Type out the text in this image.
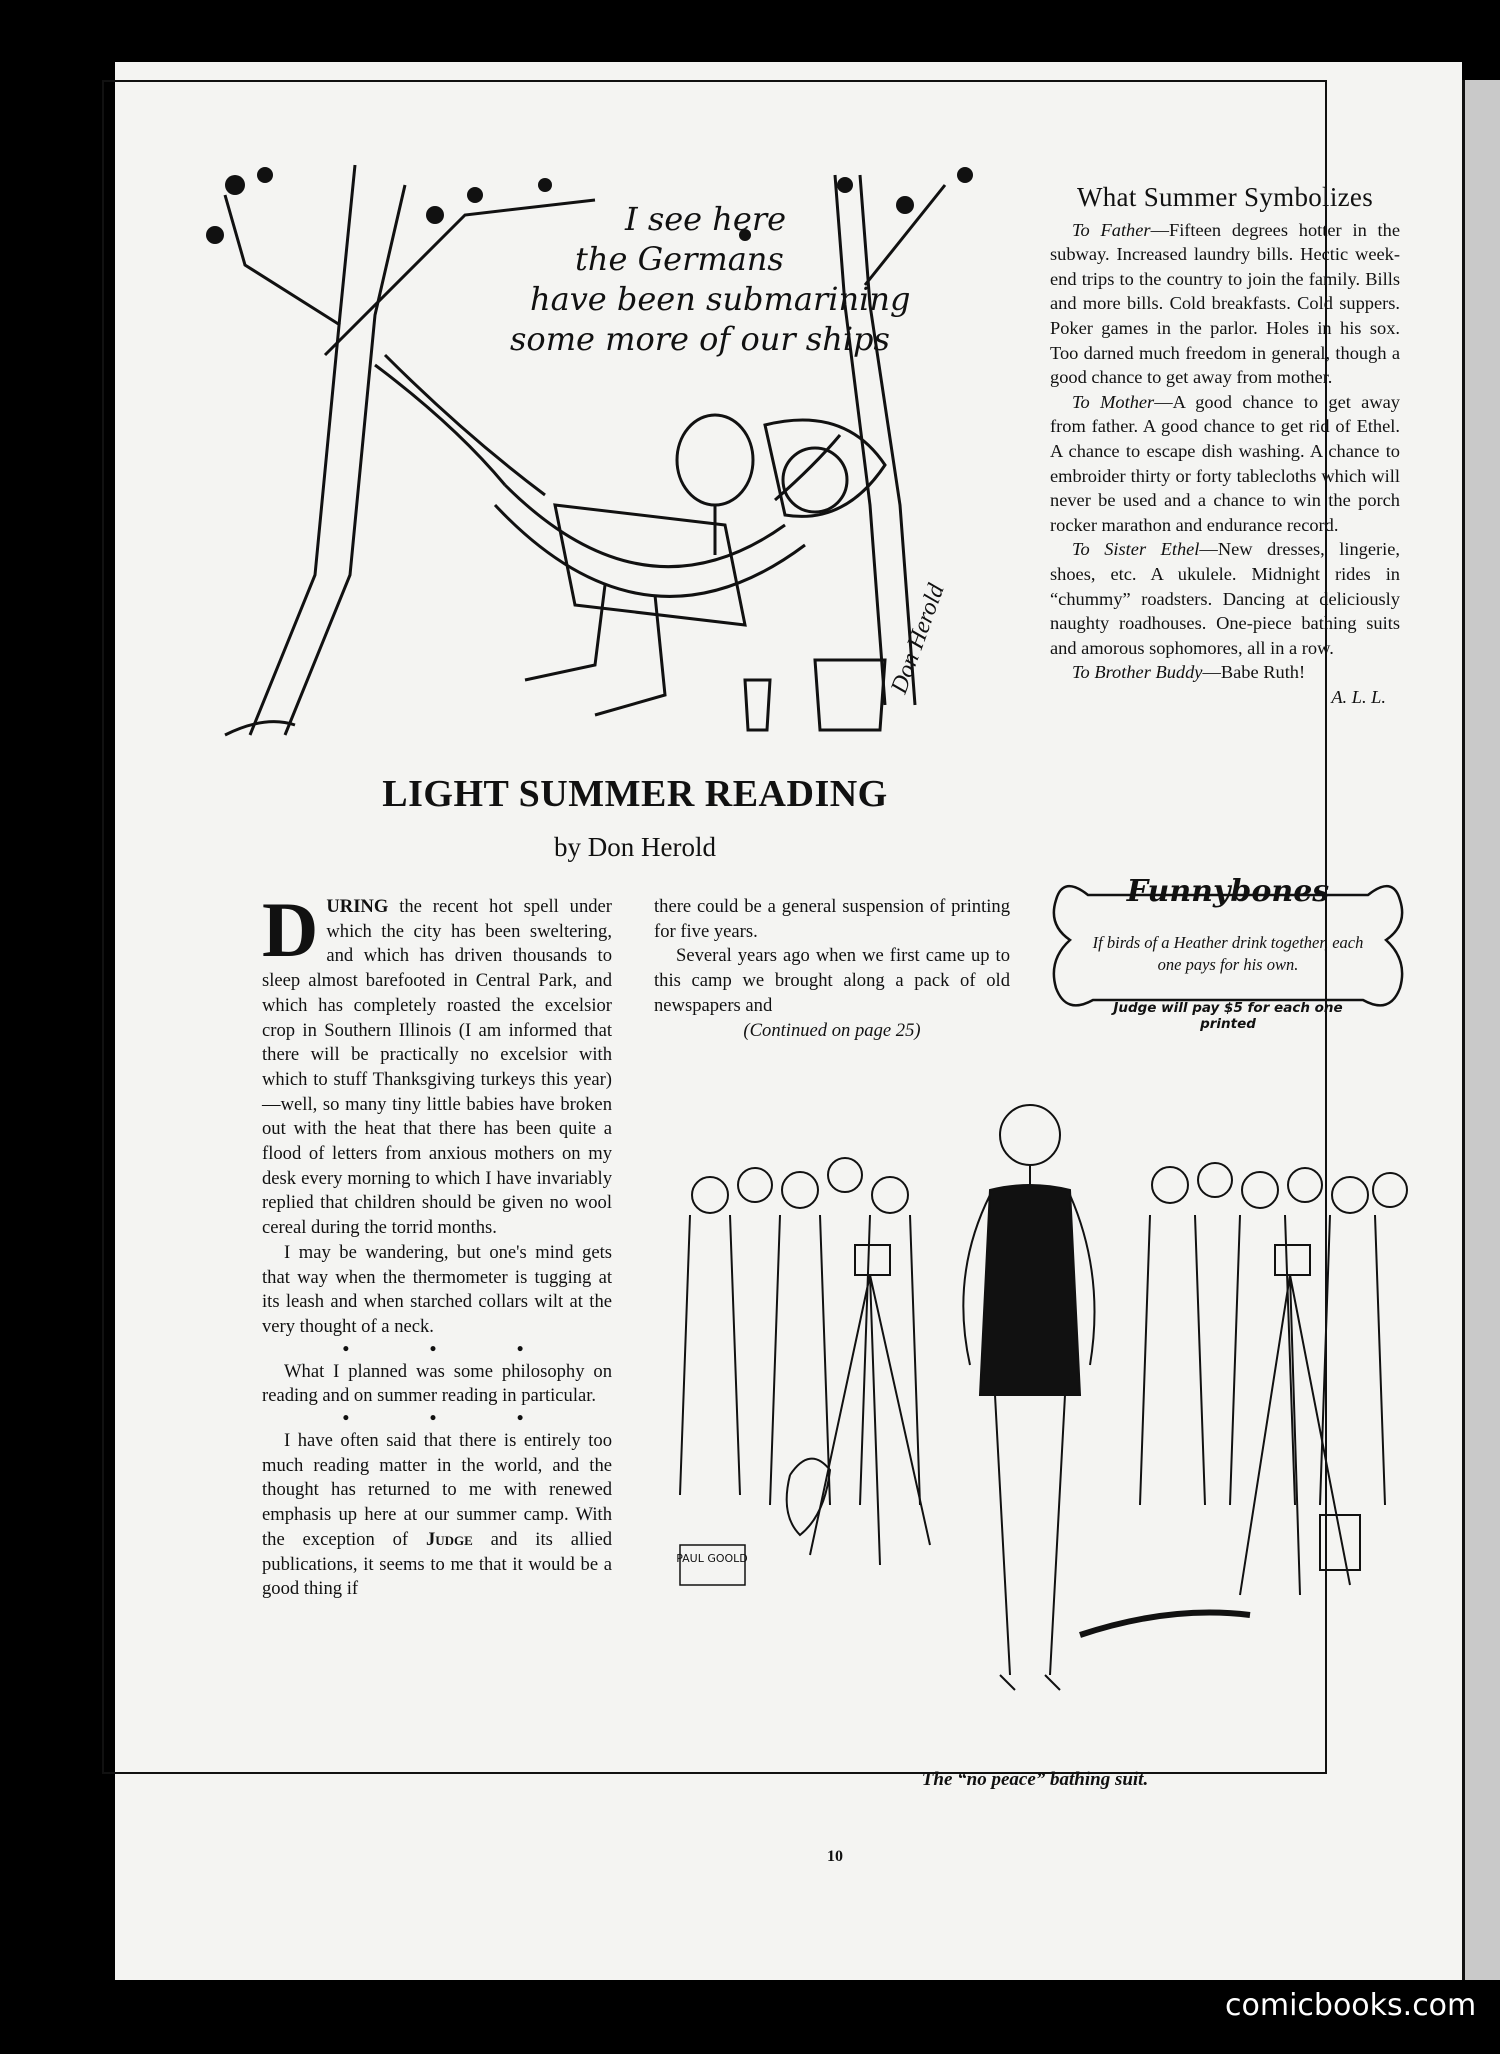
I see here
the Germans
have been submarining
some more of our ships
Don Herold
What Summer Symbolizes

To Father—Fifteen degrees hotter in the subway. Increased laundry bills. Hectic week-end trips to the country to join the family. Bills and more bills. Cold breakfasts. Cold suppers. Poker games in the parlor. Holes in his sox. Too darned much freedom in general, though a good chance to get away from mother.

To Mother—A good chance to get away from father. A good chance to get rid of Ethel. A chance to escape dish washing. A chance to embroider thirty or forty tablecloths which will never be used and a chance to win the porch rocker marathon and endurance record.

To Sister Ethel—New dresses, lingerie, shoes, etc. A ukulele. Midnight rides in “chummy” roadsters. Dancing at deliciously naughty roadhouses. One-piece bathing suits and amorous sophomores, all in a row.

To Brother Buddy—Babe Ruth!

A. L. L.
Funnybones
If birds of a Heather drink together, each one pays for his own.
Judge will pay $5 for each one printed
LIGHT SUMMER READING
by Don Herold

DURING the recent hot spell under which the city has been sweltering, and which has driven thousands to sleep almost barefooted in Central Park, and which has completely roasted the excelsior crop in Southern Illinois (I am informed that there will be practically no excelsior with which to stuff Thanksgiving turkeys this year)—well, so many tiny little babies have broken out with the heat that there has been quite a flood of letters from anxious mothers on my desk every morning to which I have invariably replied that children should be given no wool cereal during the torrid months.

I may be wandering, but one's mind gets that way when the thermometer is tugging at its leash and when starched collars wilt at the very thought of a neck.

• • •

What I planned was some philosophy on reading and on summer reading in particular.

• • •

I have often said that there is entirely too much reading matter in the world, and the thought has returned to me with renewed emphasis up here at our summer camp. With the exception of Judge and its allied publications, it seems to me that it would be a good thing if

there could be a general suspension of printing for five years.

Several years ago when we first came up to this camp we brought along a pack of old newspapers and

(Continued on page 25)

PAUL GOOLD
The “no peace” bathing suit.
10
comicbooks.com
